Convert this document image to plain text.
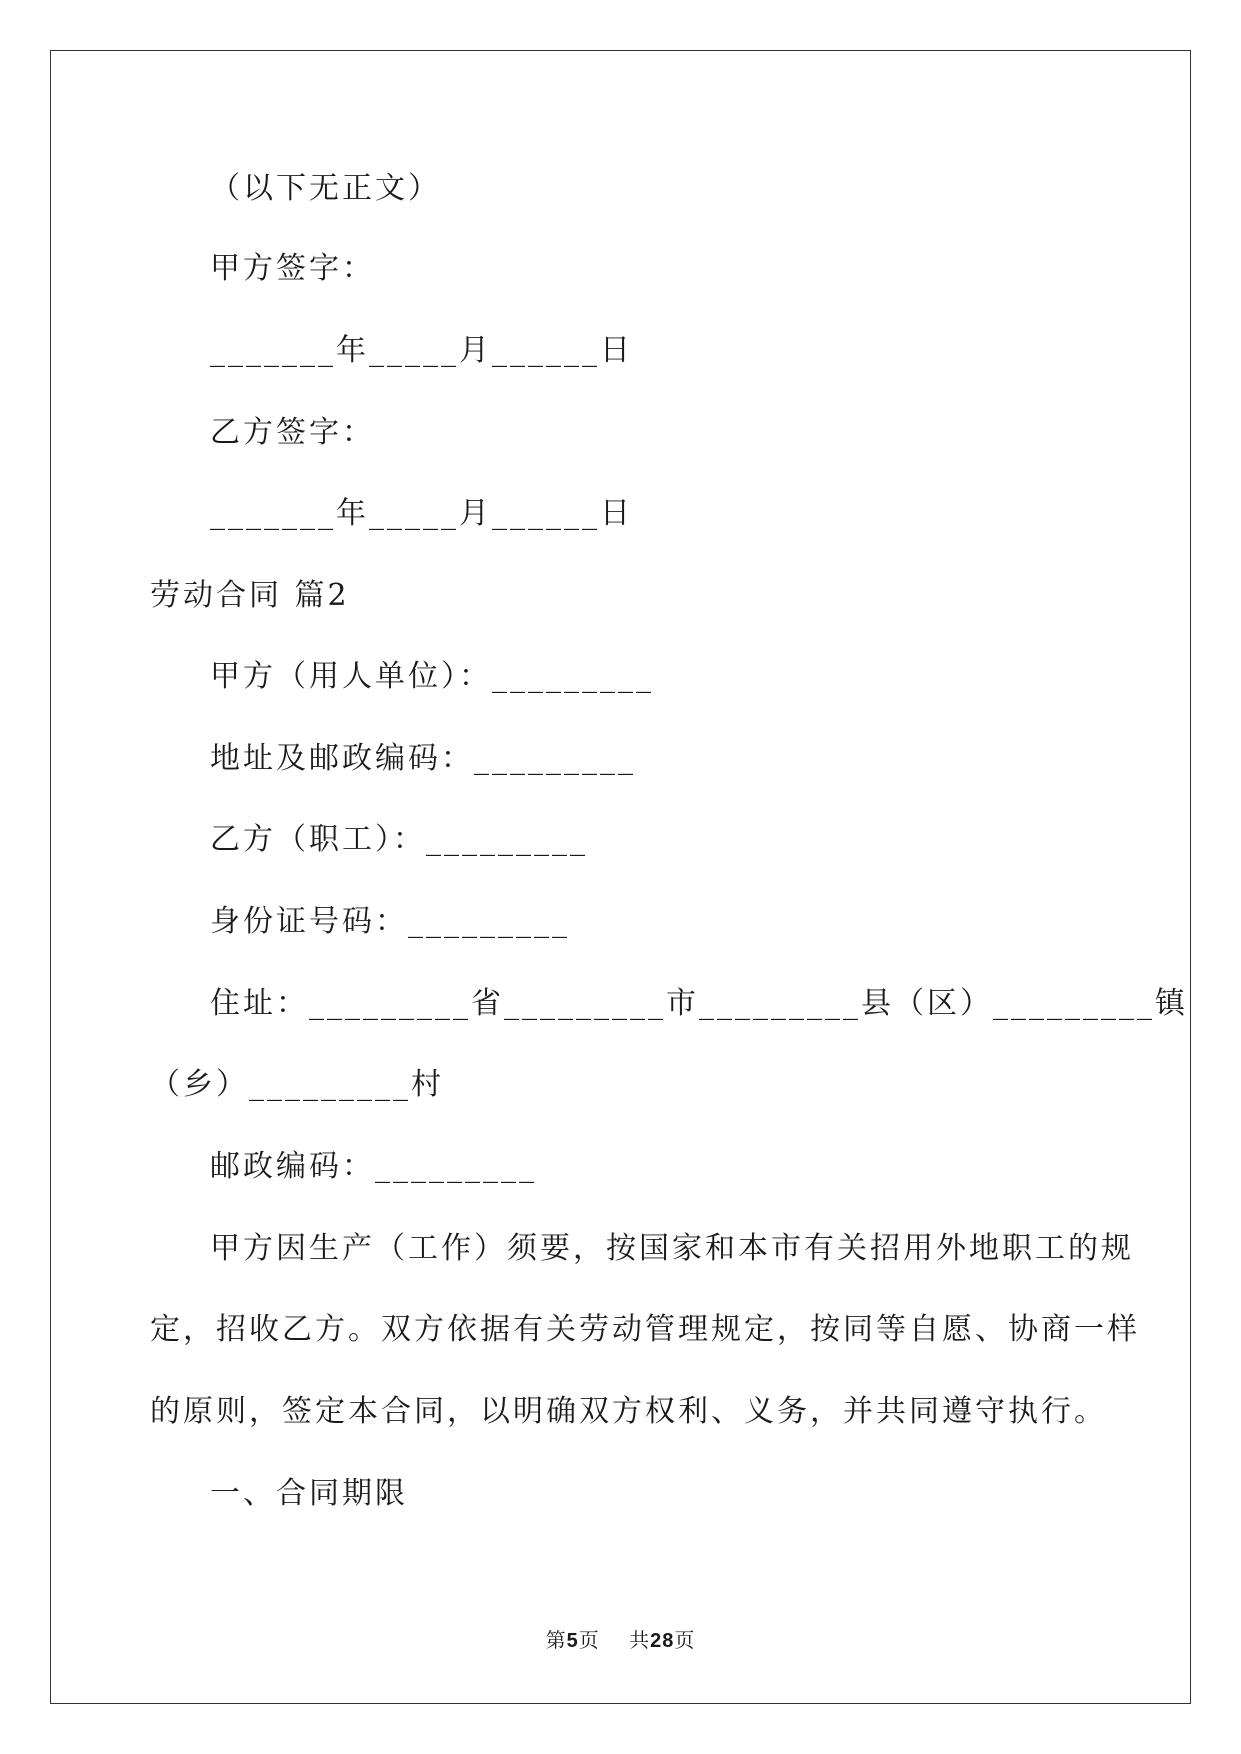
（以下无正文）
甲方签字：
_______年_____月______日
乙方签字：
_______年_____月______日
劳动合同 篇2
甲方（用人单位）：_________
地址及邮政编码：_________
乙方（职工）：_________
身份证号码：_________
住址：_________省_________市_________县（区）_________镇
（乡）_________村
邮政编码：_________
甲方因生产（工作）须要，按国家和本市有关招用外地职工的规
定，招收乙方。双方依据有关劳动管理规定，按同等自愿、协商一样
的原则，签定本合同，以明确双方权利、义务，并共同遵守执行。
一、合同期限
第5页 共28页
